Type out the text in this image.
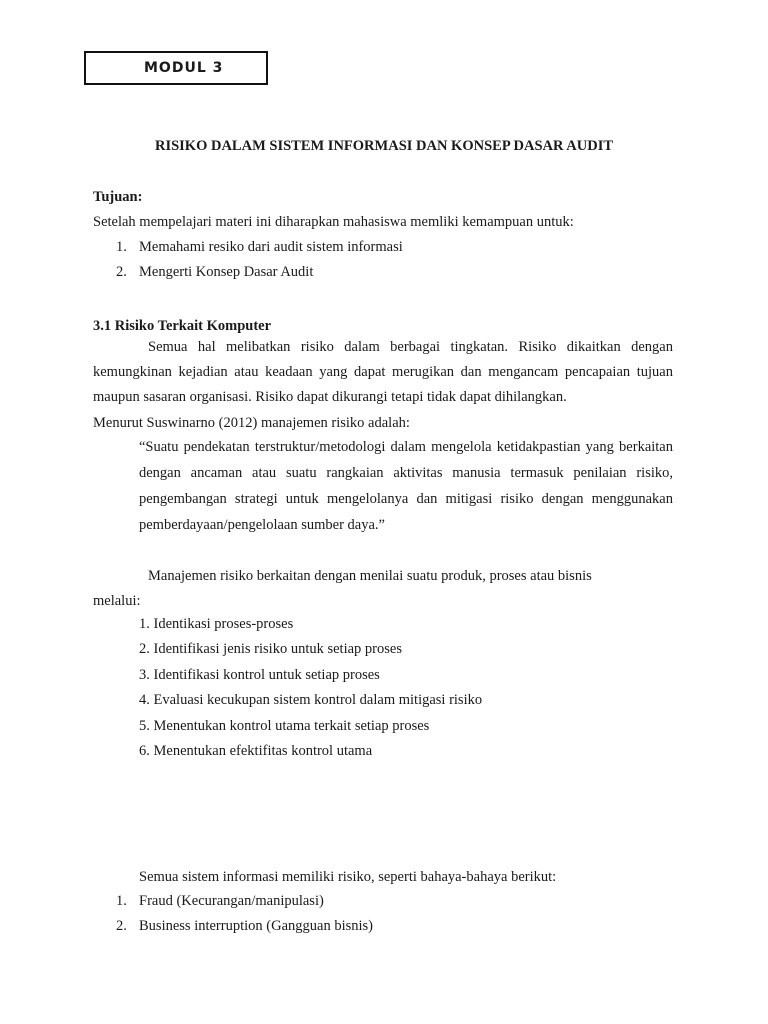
MODUL 3
RISIKO DALAM SISTEM INFORMASI DAN KONSEP DASAR AUDIT
Tujuan:
Setelah mempelajari materi ini diharapkan mahasiswa memliki kemampuan untuk:
1. Memahami resiko dari audit sistem informasi
2. Mengerti Konsep Dasar Audit
3.1 Risiko Terkait Komputer

Semua hal melibatkan risiko dalam berbagai tingkatan. Risiko dikaitkan dengan kemungkinan kejadian atau keadaan yang dapat merugikan dan mengancam pencapaian tujuan maupun sasaran organisasi. Risiko dapat dikurangi tetapi tidak dapat dihilangkan.

Menurut Suswinarno (2012) manajemen risiko adalah:
“Suatu pendekatan terstruktur/metodologi dalam mengelola ketidakpastian yang berkaitan dengan ancaman atau suatu rangkaian aktivitas manusia termasuk penilaian risiko, pengembangan strategi untuk mengelolanya dan mitigasi risiko dengan menggunakan pemberdayaan/pengelolaan sumber daya.”

Manajemen risiko berkaitan dengan menilai suatu produk, proses atau bisnis

melalui:

1. Identikasi proses-proses
2. Identifikasi jenis risiko untuk setiap proses
3. Identifikasi kontrol untuk setiap proses
4. Evaluasi kecukupan sistem kontrol dalam mitigasi risiko
5. Menentukan kontrol utama terkait setiap proses
6. Menentukan efektifitas kontrol utama
Semua sistem informasi memiliki risiko, seperti bahaya-bahaya berikut:
1. Fraud (Kecurangan/manipulasi)
2. Business interruption (Gangguan bisnis)
